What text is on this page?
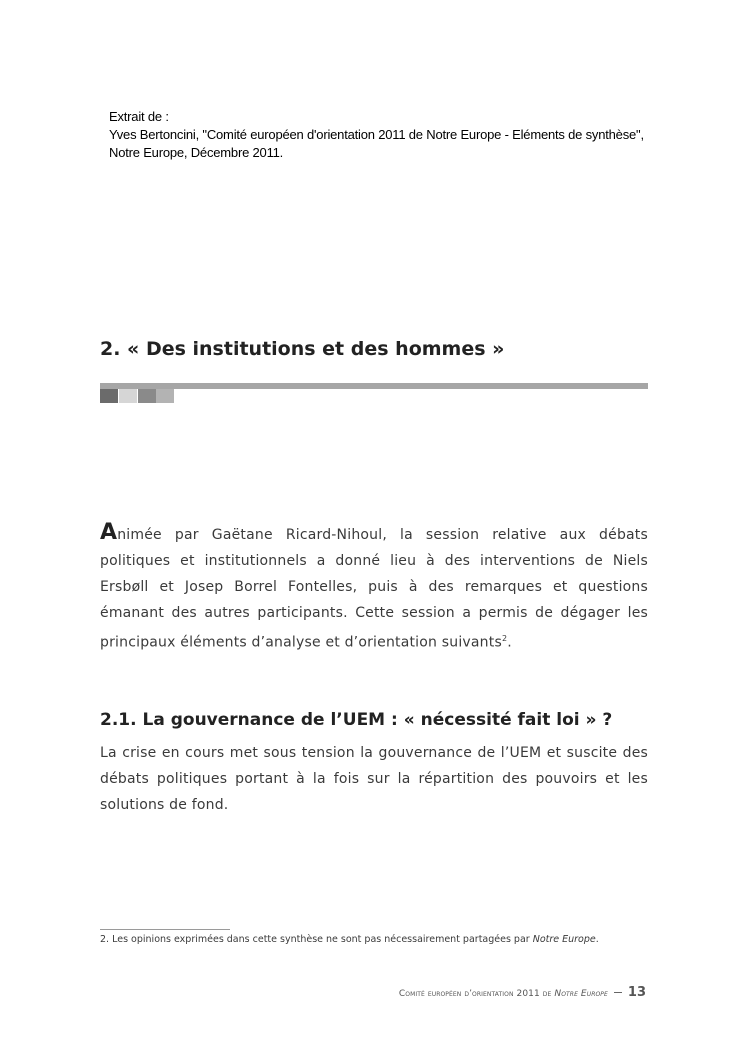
Extrait de :
Yves Bertoncini, "Comité européen d'orientation 2011 de Notre Europe - Eléments de synthèse",
Notre Europe, Décembre 2011.
2. « Des institutions et des hommes »
Animée par Gaëtane Ricard-Nihoul, la session relative aux débats politiques et institutionnels a donné lieu à des interventions de Niels Ersbøll et Josep Borrel Fontelles, puis à des remarques et questions émanant des autres participants. Cette session a permis de dégager les principaux éléments d’analyse et d’orientation suivants$^2$.
2.1. La gouvernance de l’UEM : « nécessité fait loi » ?
La crise en cours met sous tension la gouvernance de l’UEM et suscite des débats politiques portant à la fois sur la répartition des pouvoirs et les solutions de fond.
2. Les opinions exprimées dans cette synthèse ne sont pas nécessairement partagées par Notre Europe.
Comité européen d’orientation 2011 de Notre Europe 13
